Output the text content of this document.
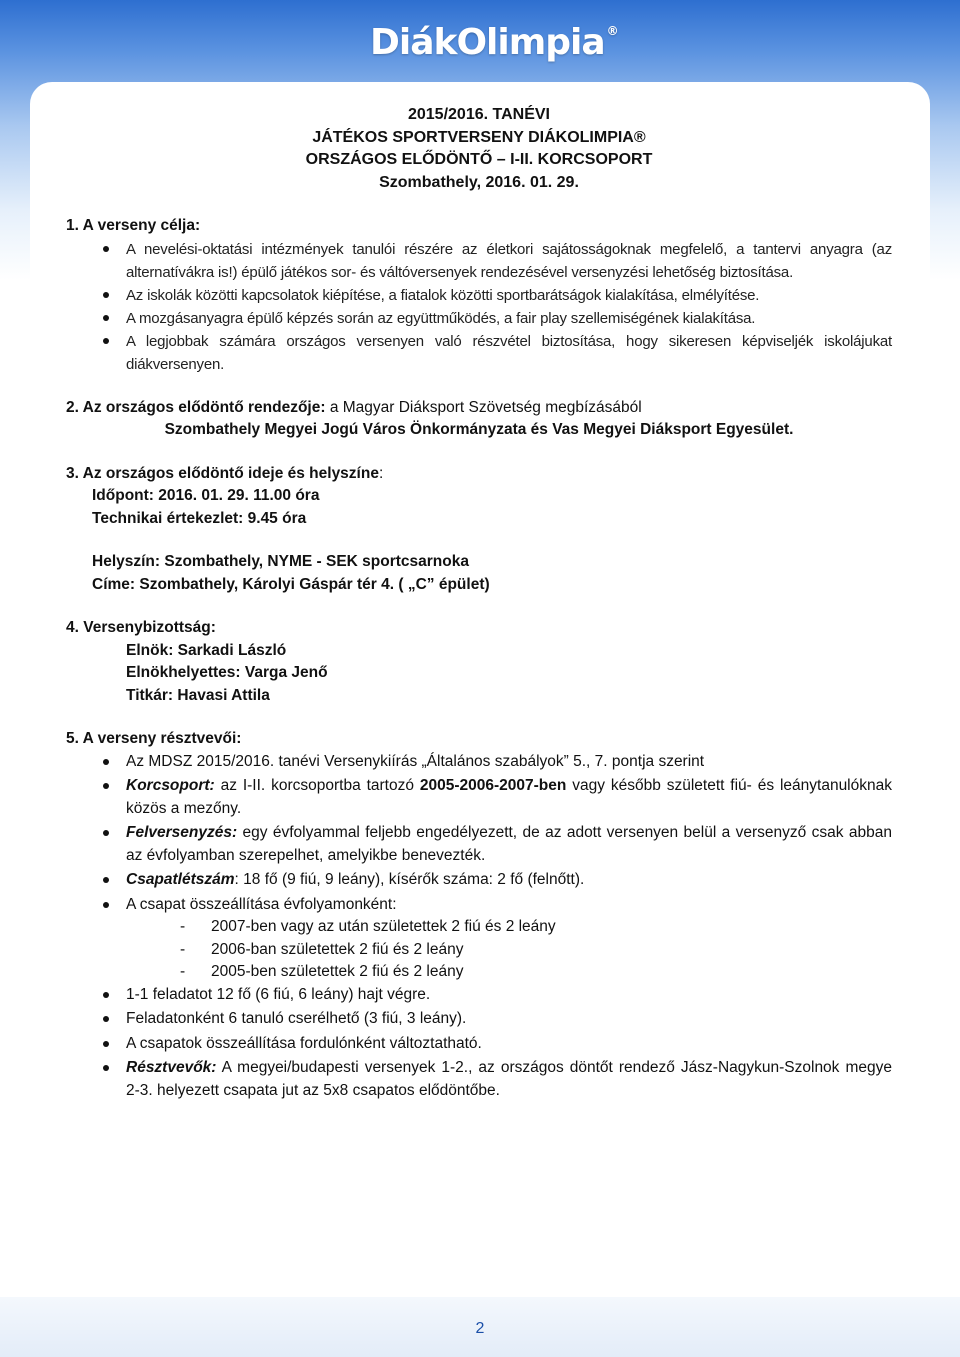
DiákOlimpia ®
2015/2016. TANÉVI
JÁTÉKOS SPORTVERSENY DIÁKOLIMPIA®
ORSZÁGOS ELŐDÖNTŐ – I-II. KORCSOPORT
Szombathely, 2016. 01. 29.
1. A verseny célja:
A nevelési-oktatási intézmények tanulói részére az életkori sajátosságoknak megfelelő, a tantervi anyagra (az alternatívákra is!) épülő játékos sor- és váltóversenyek rendezésével versenyzési lehetőség biztosítása.
Az iskolák közötti kapcsolatok kiépítése, a fiatalok közötti sportbarátságok kialakítása, elmélyítése.
A mozgásanyagra épülő képzés során az együttműködés, a fair play szellemiségének kialakítása.
A legjobbak számára országos versenyen való részvétel biztosítása, hogy sikeresen képviseljék iskolájukat diákversenyen.
2. Az országos elődöntő rendezője: a Magyar Diáksport Szövetség megbízásából
Szombathely Megyei Jogú Város Önkormányzata és Vas Megyei Diáksport Egyesület.
3. Az országos elődöntő ideje és helyszíne:
Időpont: 2016. 01. 29. 11.00 óra
Technikai értekezlet: 9.45 óra
Helyszín: Szombathely, NYME - SEK sportcsarnoka
Címe: Szombathely, Károlyi Gáspár tér 4. ( „C” épület)
4. Versenybizottság:
Elnök: Sarkadi László
Elnökhelyettes: Varga Jenő
Titkár: Havasi Attila
5. A verseny résztvevői:
Az MDSZ 2015/2016. tanévi Versenykiírás „Általános szabályok” 5., 7. pontja szerint
Korcsoport: az I-II. korcsoportba tartozó 2005-2006-2007-ben vagy később született fiú- és leánytanulóknak közös a mezőny.
Felversenyzés: egy évfolyammal feljebb engedélyezett, de az adott versenyen belül a versenyző csak abban az évfolyamban szerepelhet, amelyikbe benevezték.
Csapatlétszám: 18 fő (9 fiú, 9 leány), kísérők száma: 2 fő (felnőtt).
A csapat összeállítása évfolyamonként:
- 2007-ben vagy az után születettek 2 fiú és 2 leány
- 2006-ban születettek 2 fiú és 2 leány
- 2005-ben születettek 2 fiú és 2 leány
1-1 feladatot 12 fő (6 fiú, 6 leány) hajt végre.
Feladatonként 6 tanuló cserélhető (3 fiú, 3 leány).
A csapatok összeállítása fordulónként változtatható.
Résztvevők: A megyei/budapesti versenyek 1-2., az országos döntőt rendező Jász-Nagykun-Szolnok megye 2-3. helyezett csapata jut az 5x8 csapatos elődöntőbe.
2
